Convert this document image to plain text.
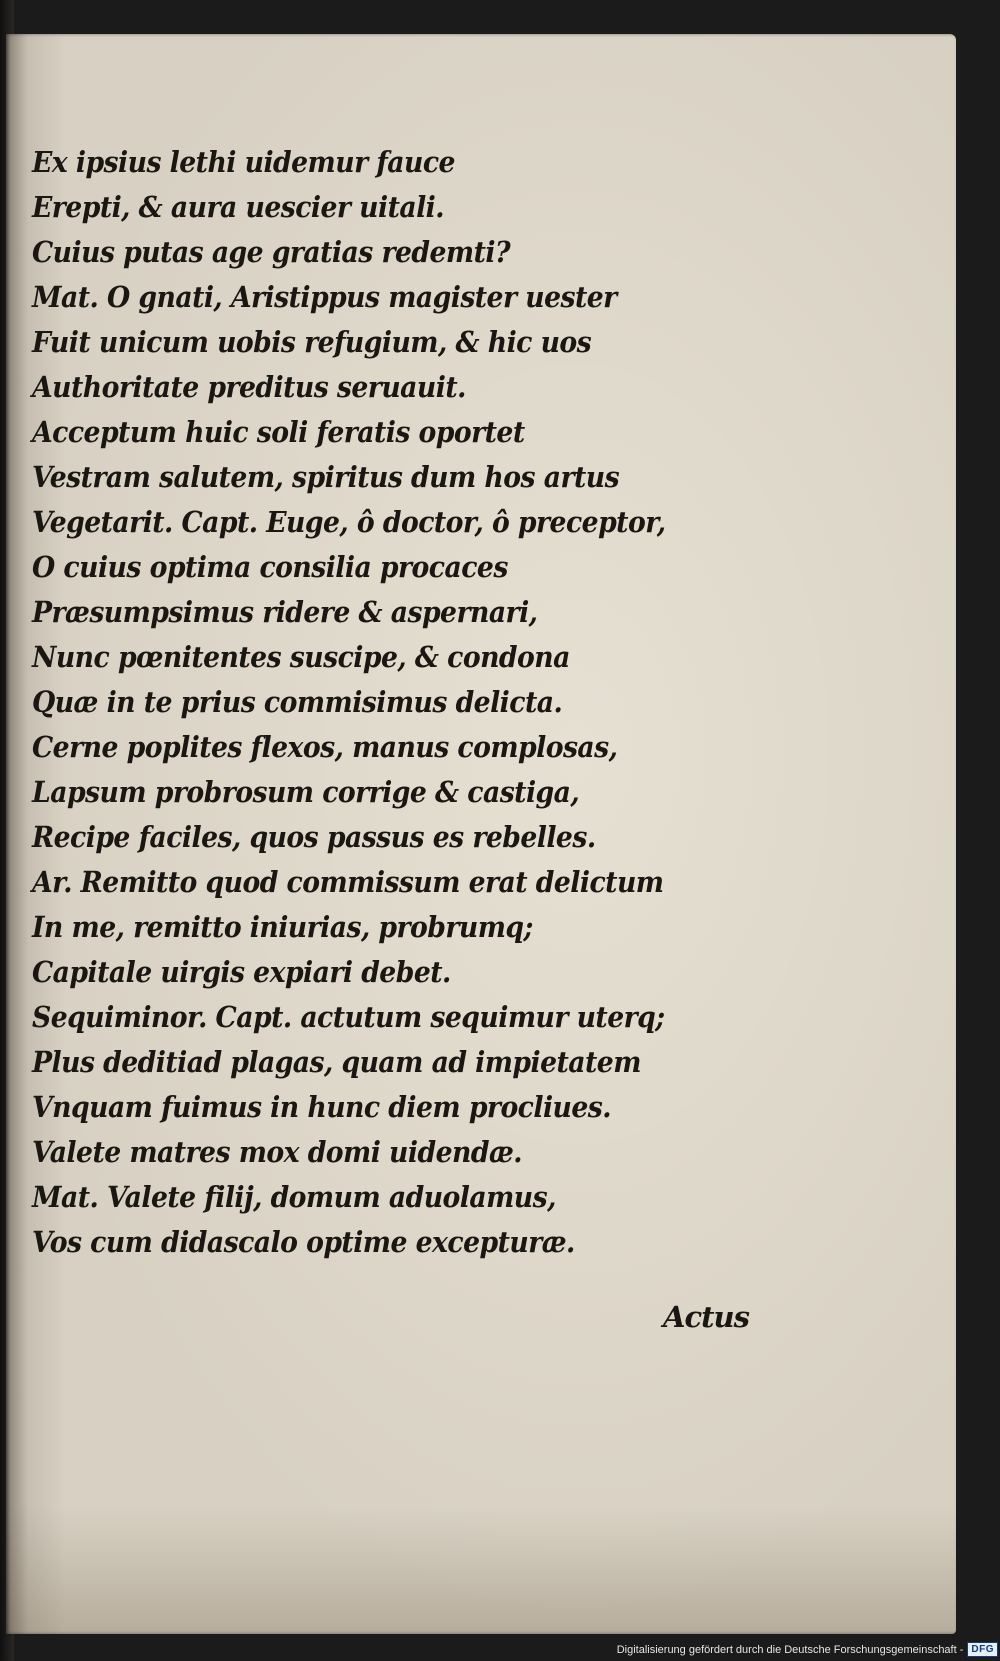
Ex ipsius lethi uidemur fauce
Erepti, & aura uescier uitali.
Cuius putas age gratias redemti?
Mat. O gnati, Aristippus magister uester
Fuit unicum uobis refugium, & hic uos
Authoritate preditus seruauit.
Acceptum huic soli feratis oportet
Vestram salutem, spiritus dum hos artus
Vegetarit. Capt. Euge, ô doctor, ô preceptor,
O cuius optima consilia procaces
Præsumpsimus ridere & aspernari,
Nunc pœnitentes suscipe, & condona
Quæ in te prius commisimus delicta.
Cerne poplites flexos, manus complosas,
Lapsum probrosum corrige & castiga,
Recipe faciles, quos passus es rebelles.
Ar. Remitto quod commissum erat delictum
In me, remitto iniurias, probrumq;
Capitale uirgis expiari debet.
Sequiminor. Capt. actutum sequimur uterq;
Plus deditiad plagas, quam ad impietatem
Vnquam fuimus in hunc diem procliues.
Valete matres mox domi uidendæ.
Mat. Valete filij, domum aduolamus,
Vos cum didascalo optime excepturæ.
Actus
Digitalisierung gefördert durch die Deutsche Forschungsgemeinschaft - DFG
